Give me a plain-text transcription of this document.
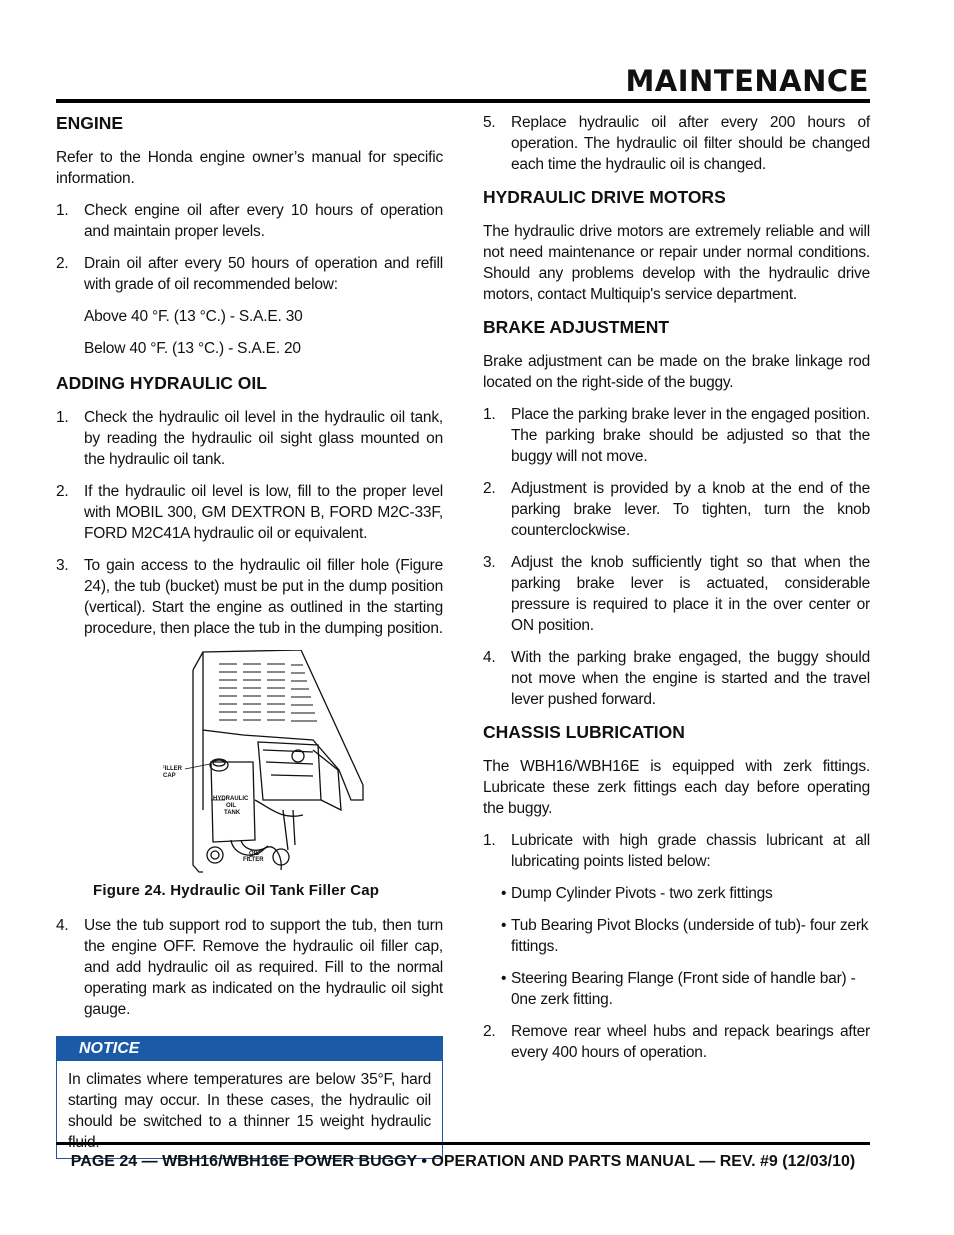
MAINTENANCE
ENGINE

Refer to the Honda engine owner’s manual for specific information.

1. Check engine oil after every 10 hours of operation and maintain proper levels.
2. Drain oil after every 50 hours of operation and refill with grade of oil recommended below:

Above 40 °F. (13 °C.) - S.A.E. 30

Below 40 °F. (13 °C.) - S.A.E. 20

ADDING HYDRAULIC OIL
1. Check the hydraulic oil level in the hydraulic oil tank, by reading the hydraulic oil sight glass mounted on the hydraulic oil tank.
2. If the hydraulic oil level is low, fill to the proper level with MOBIL 300, GM DEXTRON B, FORD M2C-33F, FORD M2C41A hydraulic oil or equivalent.
3. To gain access to the hydraulic oil filler hole (Figure 24), the tub (bucket) must be put in the dump position (vertical). Start the engine as outlined in the starting procedure, then place the tub in the dumping position.
FILLER
CAP
HYDRAULIC
OIL
TANK
OIL
FILTER
Figure 24. Hydraulic Oil Tank Filler Cap
4. Use the tub support rod to support the tub, then turn the engine OFF. Remove the hydraulic oil filler cap, and add hydraulic oil as required. Fill to the normal operating mark as indicated on the hydraulic oil sight gauge.
NOTICE
In climates where temperatures are below 35°F, hard starting may occur. In these cases, the hydraulic oil should be switched to a thinner 15 weight hydraulic
5. Replace hydraulic oil after every 200 hours of operation. The hydraulic oil filter should be changed each time the hydraulic oil is changed.
HYDRAULIC DRIVE MOTORS

The hydraulic drive motors are extremely reliable and will not need maintenance or repair under normal conditions. Should any problems develop with the hydraulic drive motors, contact Multiquip's service department.

BRAKE ADJUSTMENT

Brake adjustment can be made on the brake linkage rod located on the right-side of the buggy.

1. Place the parking brake lever in the engaged position. The parking brake should be adjusted so that the buggy will not move.
2. Adjustment is provided by a knob at the end of the parking brake lever. To tighten, turn the knob counterclockwise.
3. Adjust the knob sufficiently tight so that when the parking brake lever is actuated, considerable pressure is required to place it in the over center or ON position.
4. With the parking brake engaged, the buggy should not move when the engine is started and the travel lever pushed forward.
CHASSIS LUBRICATION

The WBH16/WBH16E is equipped with zerk fittings. Lubricate these zerk fittings each day before operating the buggy.

1. Lubricate with high grade chassis lubricant at all lubricating points listed below:
• Dump Cylinder Pivots - two zerk fittings
• Tub Bearing Pivot Blocks (underside of tub)- four zerk fittings.
• Steering Bearing Flange (Front side of handle bar) - 0ne zerk fitting.
2. Remove rear wheel hubs and repack bearings after every 400 hours of operation.
PAGE 24 — WBH16/WBH16E POWER BUGGY • OPERATION AND PARTS MANUAL — REV. #9 (12/03/10)
